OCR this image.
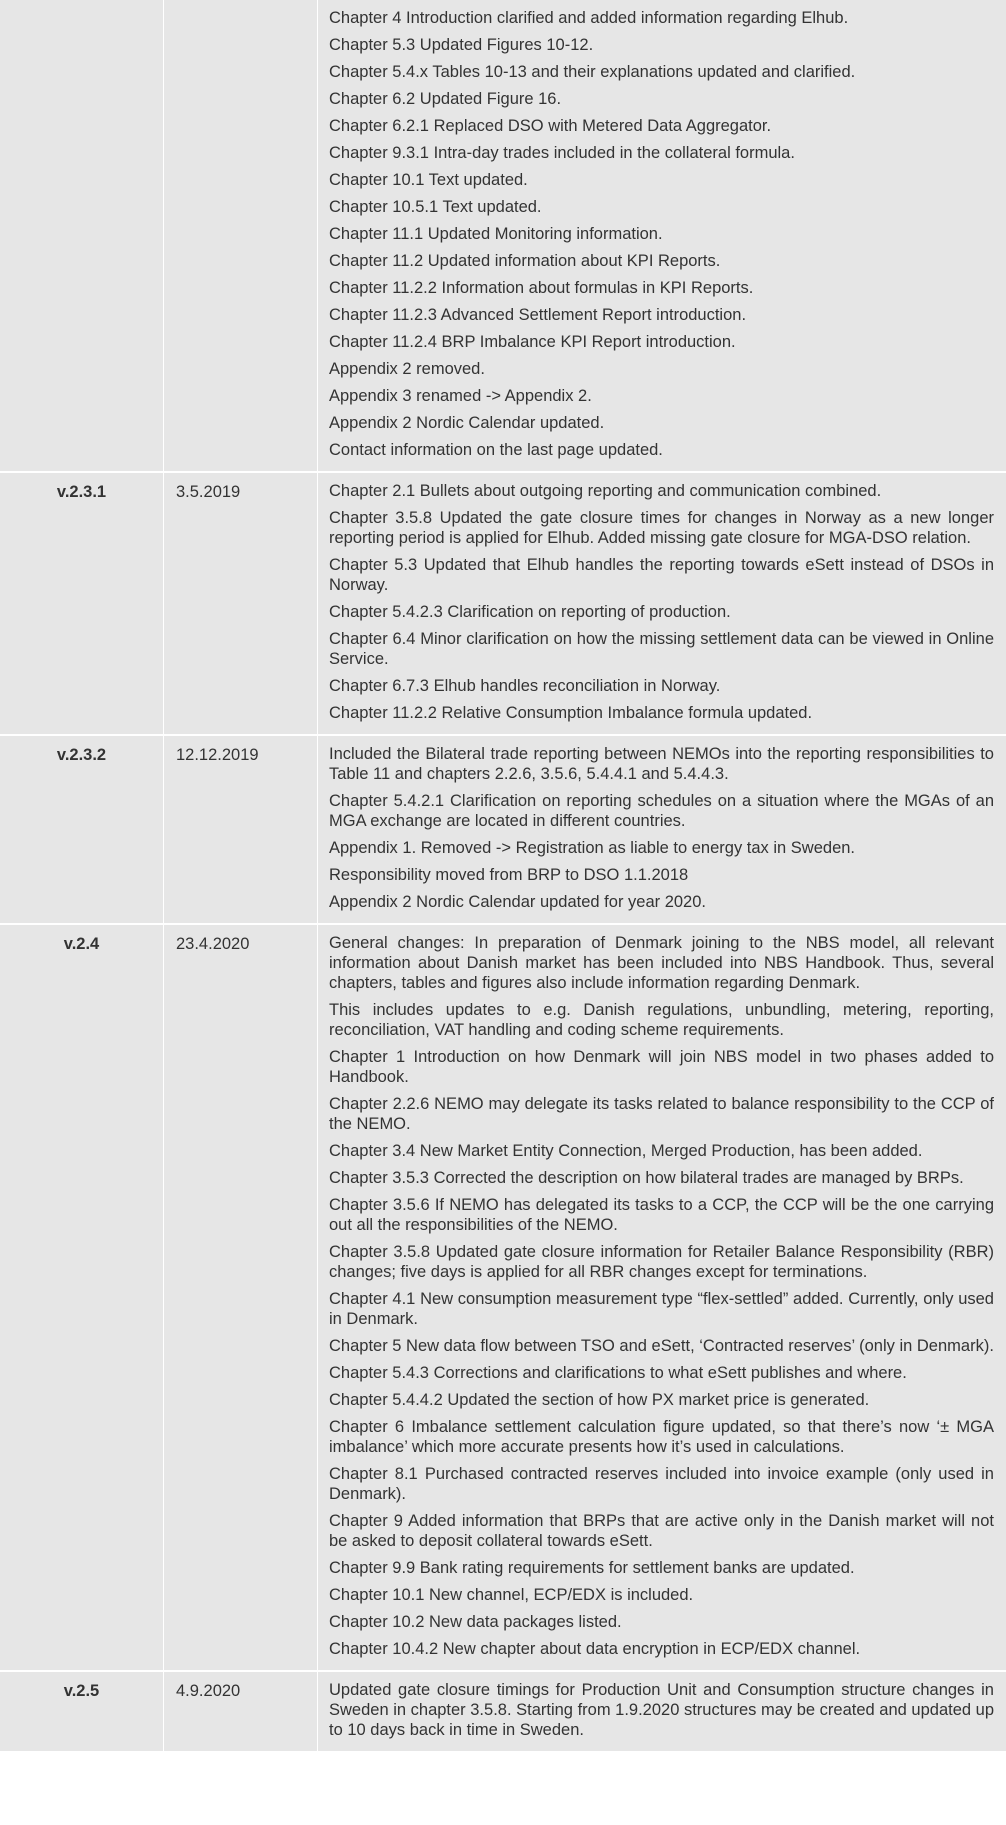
Chapter 4 Introduction clarified and added information regarding Elhub.
Chapter 5.3 Updated Figures 10-12.
Chapter 5.4.x Tables 10-13 and their explanations updated and clarified.
Chapter 6.2 Updated Figure 16.
Chapter 6.2.1 Replaced DSO with Metered Data Aggregator.
Chapter 9.3.1 Intra-day trades included in the collateral formula.
Chapter 10.1 Text updated.
Chapter 10.5.1 Text updated.
Chapter 11.1 Updated Monitoring information.
Chapter 11.2 Updated information about KPI Reports.
Chapter 11.2.2 Information about formulas in KPI Reports.
Chapter 11.2.3 Advanced Settlement Report introduction.
Chapter 11.2.4 BRP Imbalance KPI Report introduction.
Appendix 2 removed.
Appendix 3 renamed -> Appendix 2.
Appendix 2 Nordic Calendar updated.
Contact information on the last page updated.
v.2.3.1	3.5.2019	Chapter 2.1 Bullets about outgoing reporting and communication combined.
Chapter 3.5.8 Updated the gate closure times for changes in Norway as a new longer reporting period is applied for Elhub. Added missing gate closure for MGA-DSO relation.
Chapter 5.3 Updated that Elhub handles the reporting towards eSett instead of DSOs in Norway.
Chapter 5.4.2.3 Clarification on reporting of production.
Chapter 6.4 Minor clarification on how the missing settlement data can be viewed in Online Service.
Chapter 6.7.3 Elhub handles reconciliation in Norway.
Chapter 11.2.2 Relative Consumption Imbalance formula updated.
v.2.3.2	12.12.2019	Included the Bilateral trade reporting between NEMOs into the reporting responsibilities to Table 11 and chapters 2.2.6, 3.5.6, 5.4.4.1 and 5.4.4.3.
Chapter 5.4.2.1 Clarification on reporting schedules on a situation where the MGAs of an MGA exchange are located in different countries.
Appendix 1. Removed -> Registration as liable to energy tax in Sweden.
Responsibility moved from BRP to DSO 1.1.2018
Appendix 2 Nordic Calendar updated for year 2020.
v.2.4	23.4.2020	General changes: In preparation of Denmark joining to the NBS model, all relevant information about Danish market has been included into NBS Handbook. Thus, several chapters, tables and figures also include information regarding Denmark.
This includes updates to e.g. Danish regulations, unbundling, metering, reporting, reconciliation, VAT handling and coding scheme requirements.
Chapter 1 Introduction on how Denmark will join NBS model in two phases added to Handbook.
Chapter 2.2.6 NEMO may delegate its tasks related to balance responsibility to the CCP of the NEMO.
Chapter 3.4 New Market Entity Connection, Merged Production, has been added.
Chapter 3.5.3 Corrected the description on how bilateral trades are managed by BRPs.
Chapter 3.5.6 If NEMO has delegated its tasks to a CCP, the CCP will be the one carrying out all the responsibilities of the NEMO.
Chapter 3.5.8 Updated gate closure information for Retailer Balance Responsibility (RBR) changes; five days is applied for all RBR changes except for terminations.
Chapter 4.1 New consumption measurement type “flex-settled” added. Currently, only used in Denmark.
Chapter 5 New data flow between TSO and eSett, ‘Contracted reserves’ (only in Denmark).
Chapter 5.4.3 Corrections and clarifications to what eSett publishes and where.
Chapter 5.4.4.2 Updated the section of how PX market price is generated.
Chapter 6 Imbalance settlement calculation figure updated, so that there’s now ‘± MGA imbalance’ which more accurate presents how it’s used in calculations.
Chapter 8.1 Purchased contracted reserves included into invoice example (only used in Denmark).
Chapter 9 Added information that BRPs that are active only in the Danish market will not be asked to deposit collateral towards eSett.
Chapter 9.9 Bank rating requirements for settlement banks are updated.
Chapter 10.1 New channel, ECP/EDX is included.
Chapter 10.2 New data packages listed.
Chapter 10.4.2 New chapter about data encryption in ECP/EDX channel.
v.2.5	4.9.2020	Updated gate closure timings for Production Unit and Consumption structure changes in Sweden in chapter 3.5.8. Starting from 1.9.2020 structures may be created and updated up to 10 days back in time in Sweden.
